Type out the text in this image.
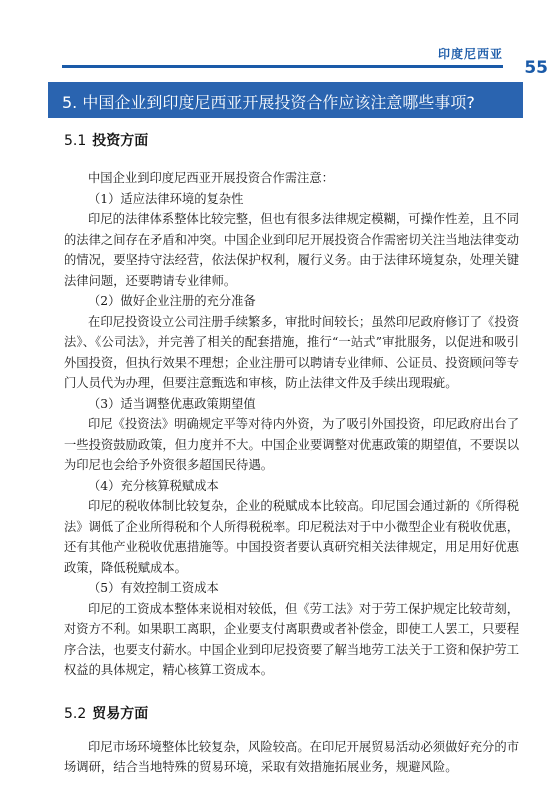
印度尼西亚
55
5. 中国企业到印度尼西亚开展投资合作应该注意哪些事项?
5.1 投资方面

中国企业到印度尼西亚开展投资合作需注意：

（1）适应法律环境的复杂性

印尼的法律体系整体比较完整，但也有很多法律规定模糊，可操作性差，且不同的法律之间存在矛盾和冲突。中国企业到印尼开展投资合作需密切关注当地法律变动的情况，要坚持守法经营，依法保护权利，履行义务。由于法律环境复杂，处理关键法律问题，还要聘请专业律师。

（2）做好企业注册的充分准备

在印尼投资设立公司注册手续繁多，审批时间较长；虽然印尼政府修订了《投资法》、《公司法》，并完善了相关的配套措施，推行“一站式”审批服务，以促进和吸引外国投资，但执行效果不理想；企业注册可以聘请专业律师、公证员、投资顾问等专门人员代为办理，但要注意甄选和审核，防止法律文件及手续出现瑕疵。

（3）适当调整优惠政策期望值

印尼《投资法》明确规定平等对待内外资，为了吸引外国投资，印尼政府出台了一些投资鼓励政策，但力度并不大。中国企业要调整对优惠政策的期望值，不要误以为印尼也会给予外资很多超国民待遇。

（4）充分核算税赋成本

印尼的税收体制比较复杂，企业的税赋成本比较高。印尼国会通过新的《所得税法》调低了企业所得税和个人所得税税率。印尼税法对于中小微型企业有税收优惠，还有其他产业税收优惠措施等。中国投资者要认真研究相关法律规定，用足用好优惠政策，降低税赋成本。

（5）有效控制工资成本

印尼的工资成本整体来说相对较低，但《劳工法》对于劳工保护规定比较苛刻，对资方不利。如果职工离职，企业要支付离职费或者补偿金，即使工人罢工，只要程序合法，也要支付薪水。中国企业到印尼投资要了解当地劳工法关于工资和保护劳工权益的具体规定，精心核算工资成本。

5.2 贸易方面

印尼市场环境整体比较复杂，风险较高。在印尼开展贸易活动必须做好充分的市场调研，结合当地特殊的贸易环境，采取有效措施拓展业务，规避风险。
